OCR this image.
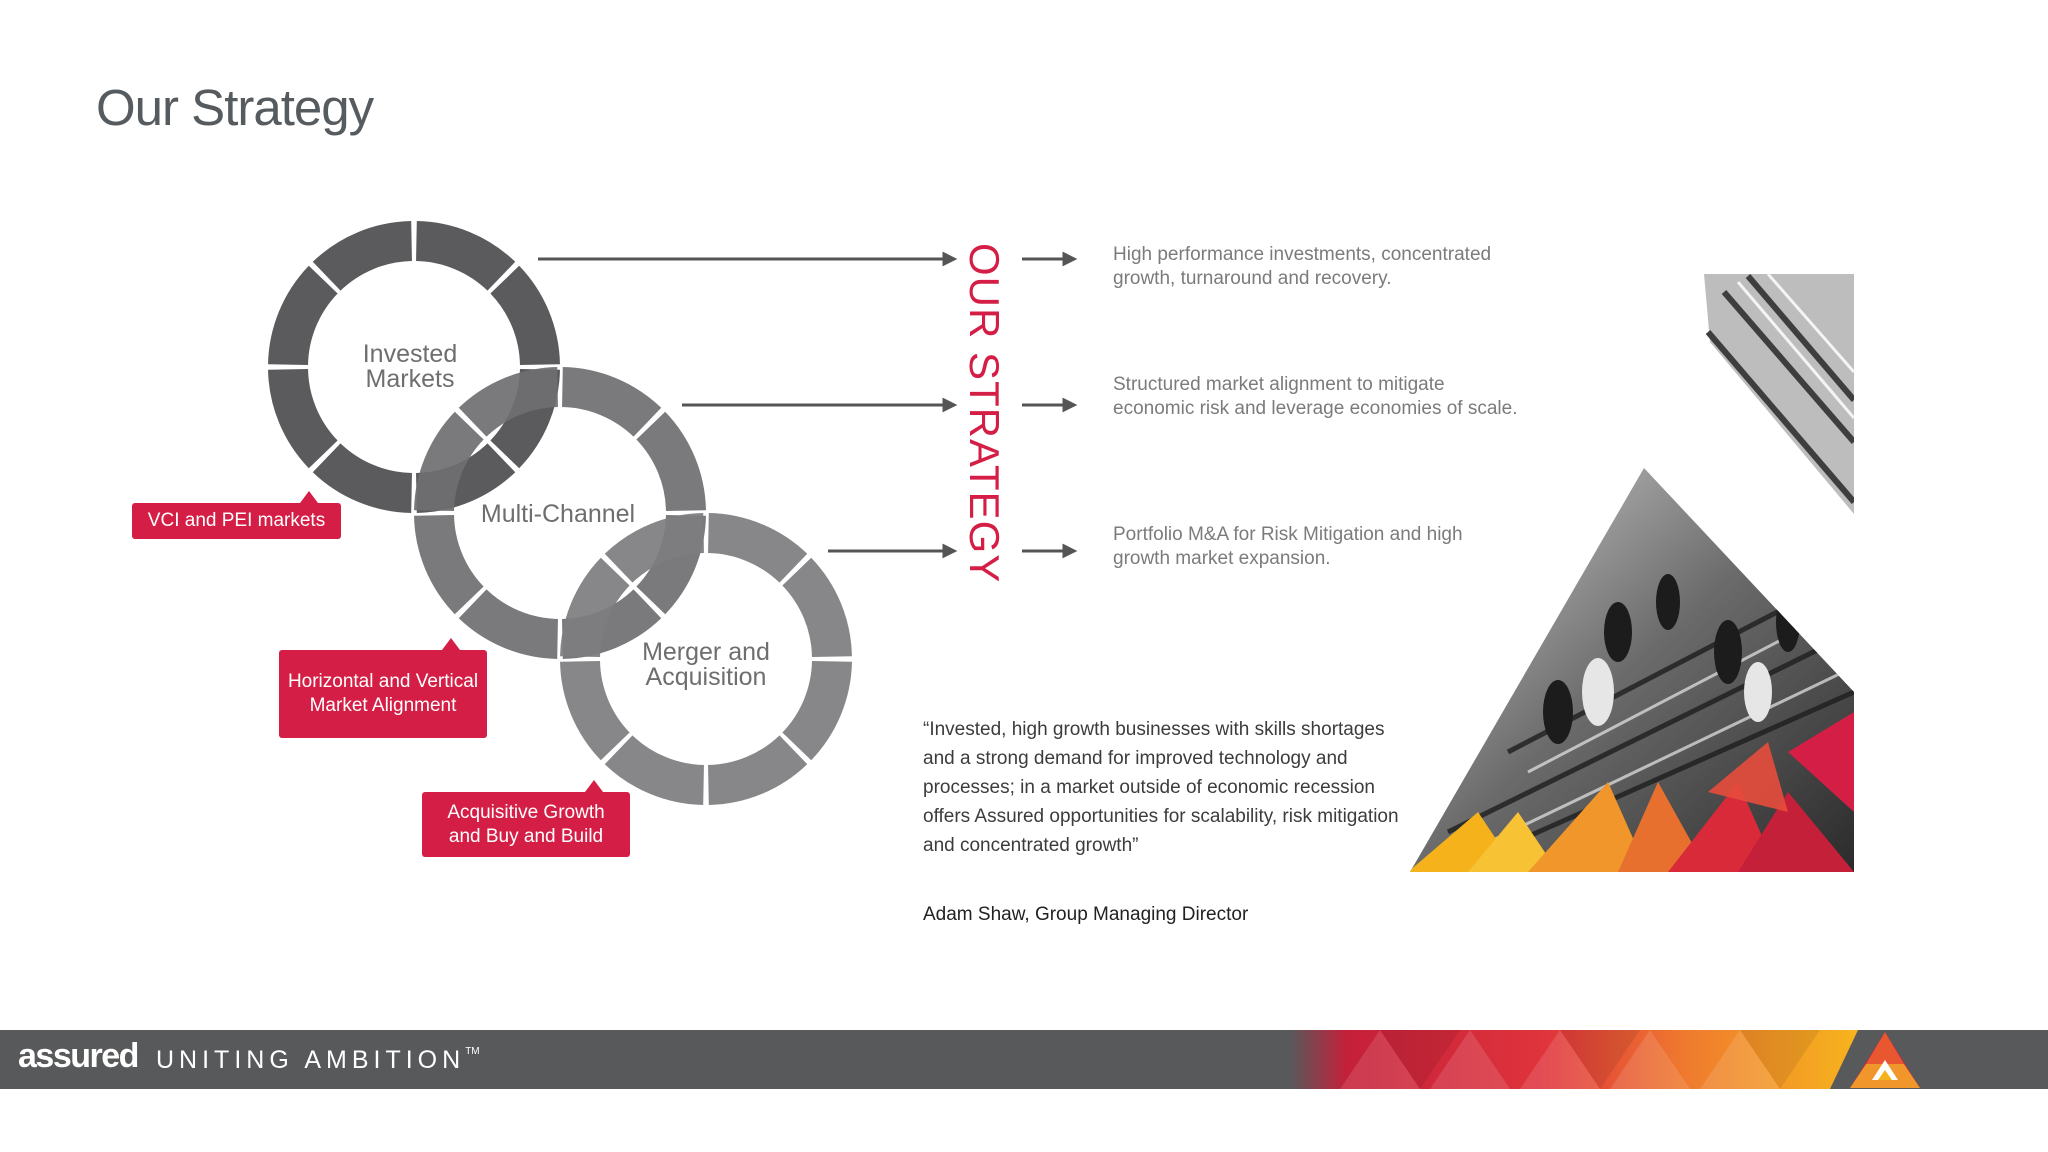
Our Strategy
Invested
Markets
Multi-Channel
Merger and
Acquisition
OUR STRATEGY
VCI and PEI markets
Horizontal and Vertical
Market Alignment
Acquisitive Growth
and Buy and Build
High performance investments, concentrated growth, turnaround and recovery.
Structured market alignment to mitigate economic risk and leverage economies of scale.
Portfolio M&A for Risk Mitigation and high growth market expansion.
“Invested, high growth businesses with skills shortages and a strong demand for improved technology and processes; in a market outside of economic recession offers Assured opportunities for scalability, risk mitigation and concentrated growth”
Adam Shaw, Group Managing Director
assured UNITING AMBITION™
